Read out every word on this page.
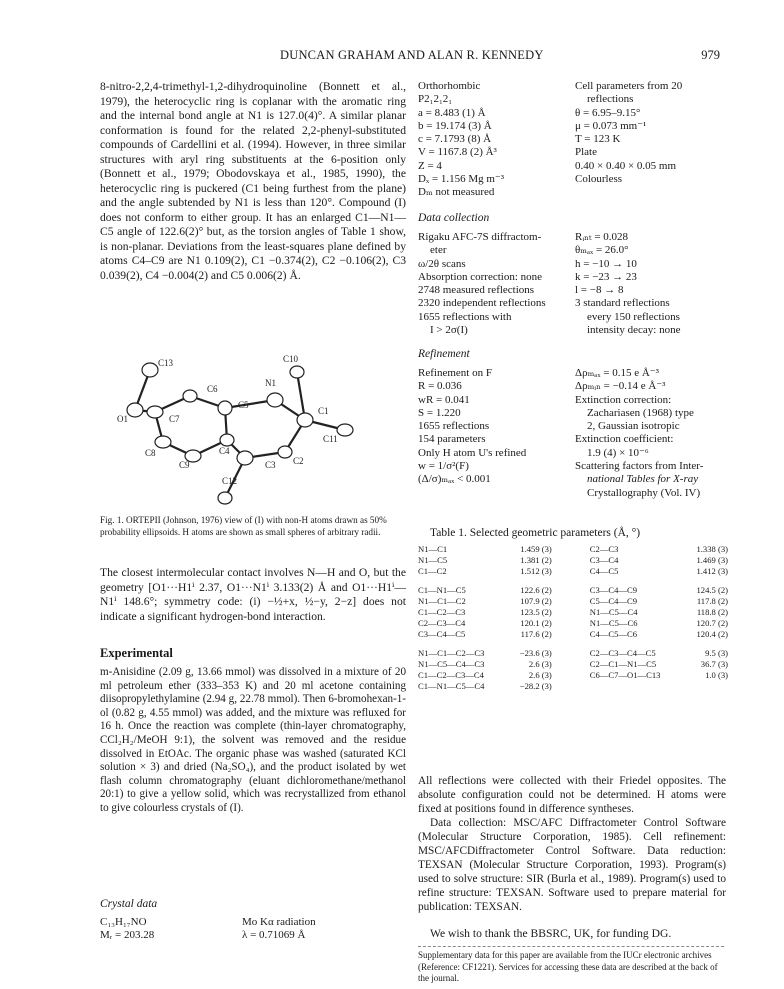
DUNCAN GRAHAM AND ALAN R. KENNEDY	979
8-nitro-2,2,4-trimethyl-1,2-dihydroquinoline (Bonnett et al., 1979), the heterocyclic ring is coplanar with the aromatic ring and the internal bond angle at N1 is 127.0(4)°. A similar planar conformation is found for the related 2,2-phenyl-substituted compounds of Cardellini et al. (1994). However, in three similar structures with aryl ring substituents at the 6-position only (Bonnett et al., 1979; Obodovskaya et al., 1985, 1990), the heterocyclic ring is puckered (C1 being furthest from the plane) and the angle subtended by N1 is less than 120°. Compound (I) does not conform to either group. It has an enlarged C1—N1—C5 angle of 122.6(2)° but, as the torsion angles of Table 1 show, is non-planar. Deviations from the least-squares plane defined by atoms C4–C9 are N1 0.109(2), C1 −0.374(2), C2 −0.106(2), C3 0.039(2), C4 −0.004(2) and C5 0.006(2) Å.
C13	C10
C6
C5
N1
C1
O1	C7
C11
C8	C4
C9	C3 C2
C12
Fig. 1. ORTEPII (Johnson, 1976) view of (I) with non-H atoms drawn as 50% probability ellipsoids. H atoms are shown as small spheres of arbitrary radii.
The closest intermolecular contact involves N—H and O, but the geometry [O1···H1ⁱ 2.37, O1···N1ⁱ 3.133(2) Å and O1···H1ⁱ—N1ⁱ 148.6°; symmetry code: (i) −½+x, ½−y, 2−z] does not indicate a significant hydrogen-bond interaction.
Experimental
m-Anisidine (2.09 g, 13.66 mmol) was dissolved in a mixture of 20 ml petroleum ether (333–353 K) and 20 ml acetone containing diisopropylethylamine (2.94 g, 22.78 mmol). Then 6-bromohexan-1-ol (0.82 g, 4.55 mmol) was added, and the mixture was refluxed for 16 h. Once the reaction was complete (thin-layer chromatography, CCl₂H₂/MeOH 9:1), the solvent was removed and the residue dissolved in EtOAc. The organic phase was washed (saturated KCl solution × 3) and dried (Na₂SO₄), and the product isolated by wet flash column chromatography (eluant dichloromethane/methanol 20:1) to give a yellow solid, which was recrystallized from ethanol to give colourless crystals of (I).
Crystal data
C₁₃H₁₇NO	Mo Kα radiation
Mᵣ = 203.28	λ = 0.71069 Å
Orthorhombic
P2₁2₁2₁
a = 8.483 (1) Å
b = 19.174 (3) Å
c = 7.1793 (8) Å
V = 1167.8 (2) Å³
Z = 4
Dₓ = 1.156 Mg m⁻³
Dₘ not measured
Cell parameters from 20
reflections
θ = 6.95–9.15°
μ = 0.073 mm⁻¹
T = 123 K
Plate
0.40 × 0.40 × 0.05 mm
Colourless
Data collection
Rigaku AFC-7S diffractom-
eter
ω/2θ scans
Absorption correction: none
2748 measured reflections
2320 independent reflections
1655 reflections with
I > 2σ(I)
Rᵢₙₜ = 0.028
θₘₐₓ = 26.0°
h = −10 → 10
k = −23 → 23
l = −8 → 8
3 standard reflections
every 150 reflections
intensity decay: none
Refinement
Refinement on F
R = 0.036
wR = 0.041
S = 1.220
1655 reflections
154 parameters
Only H atom U's refined
w = 1/σ²(F)
(Δ/σ)ₘₐₓ < 0.001
Δρₘₐₓ = 0.15 e Å⁻³
Δρₘᵢₙ = −0.14 e Å⁻³
Extinction correction:
Zachariasen (1968) type
2, Gaussian isotropic
Extinction coefficient:
1.9 (4) × 10⁻⁶
Scattering factors from Inter-
national Tables for X-ray
Crystallography (Vol. IV)
Table 1. Selected geometric parameters (Å, °)
N1—C1	1.459 (3)	C2—C3	1.338 (3)
N1—C5	1.381 (2)	C3—C4	1.469 (3)
C1—C2	1.512 (3)	C4—C5	1.412 (3)

C1—N1—C5	122.6 (2)	C3—C4—C9	124.5 (2)
N1—C1—C2	107.9 (2)	C5—C4—C9	117.8 (2)
C1—C2—C3	123.5 (2)	N1—C5—C4	118.8 (2)
C2—C3—C4	120.1 (2)	N1—C5—C6	120.7 (2)
C3—C4—C5	117.6 (2)	C4—C5—C6	120.4 (2)

N1—C1—C2—C3	−23.6 (3)	C2—C3—C4—C5	9.5 (3)
N1—C5—C4—C3	2.6 (3)	C2—C1—N1—C5	36.7 (3)
C1—C2—C3—C4	2.6 (3)	C6—C7—O1—C13	1.0 (3)
C1—N1—C5—C4	−28.2 (3)		
All reflections were collected with their Friedel opposites. The absolute configuration could not be determined. H atoms were fixed at positions found in difference syntheses.
Data collection: MSC/AFC Diffractometer Control Software (Molecular Structure Corporation, 1985). Cell refinement: MSC/AFCDiffractometer Control Software. Data reduction: TEXSAN (Molecular Structure Corporation, 1993). Program(s) used to solve structure: SIR (Burla et al., 1989). Program(s) used to refine structure: TEXSAN. Software used to prepare material for publication: TEXSAN.
We wish to thank the BBSRC, UK, for funding DG.
Supplementary data for this paper are available from the IUCr electronic archives (Reference: CF1221). Services for accessing these data are described at the back of the journal.
